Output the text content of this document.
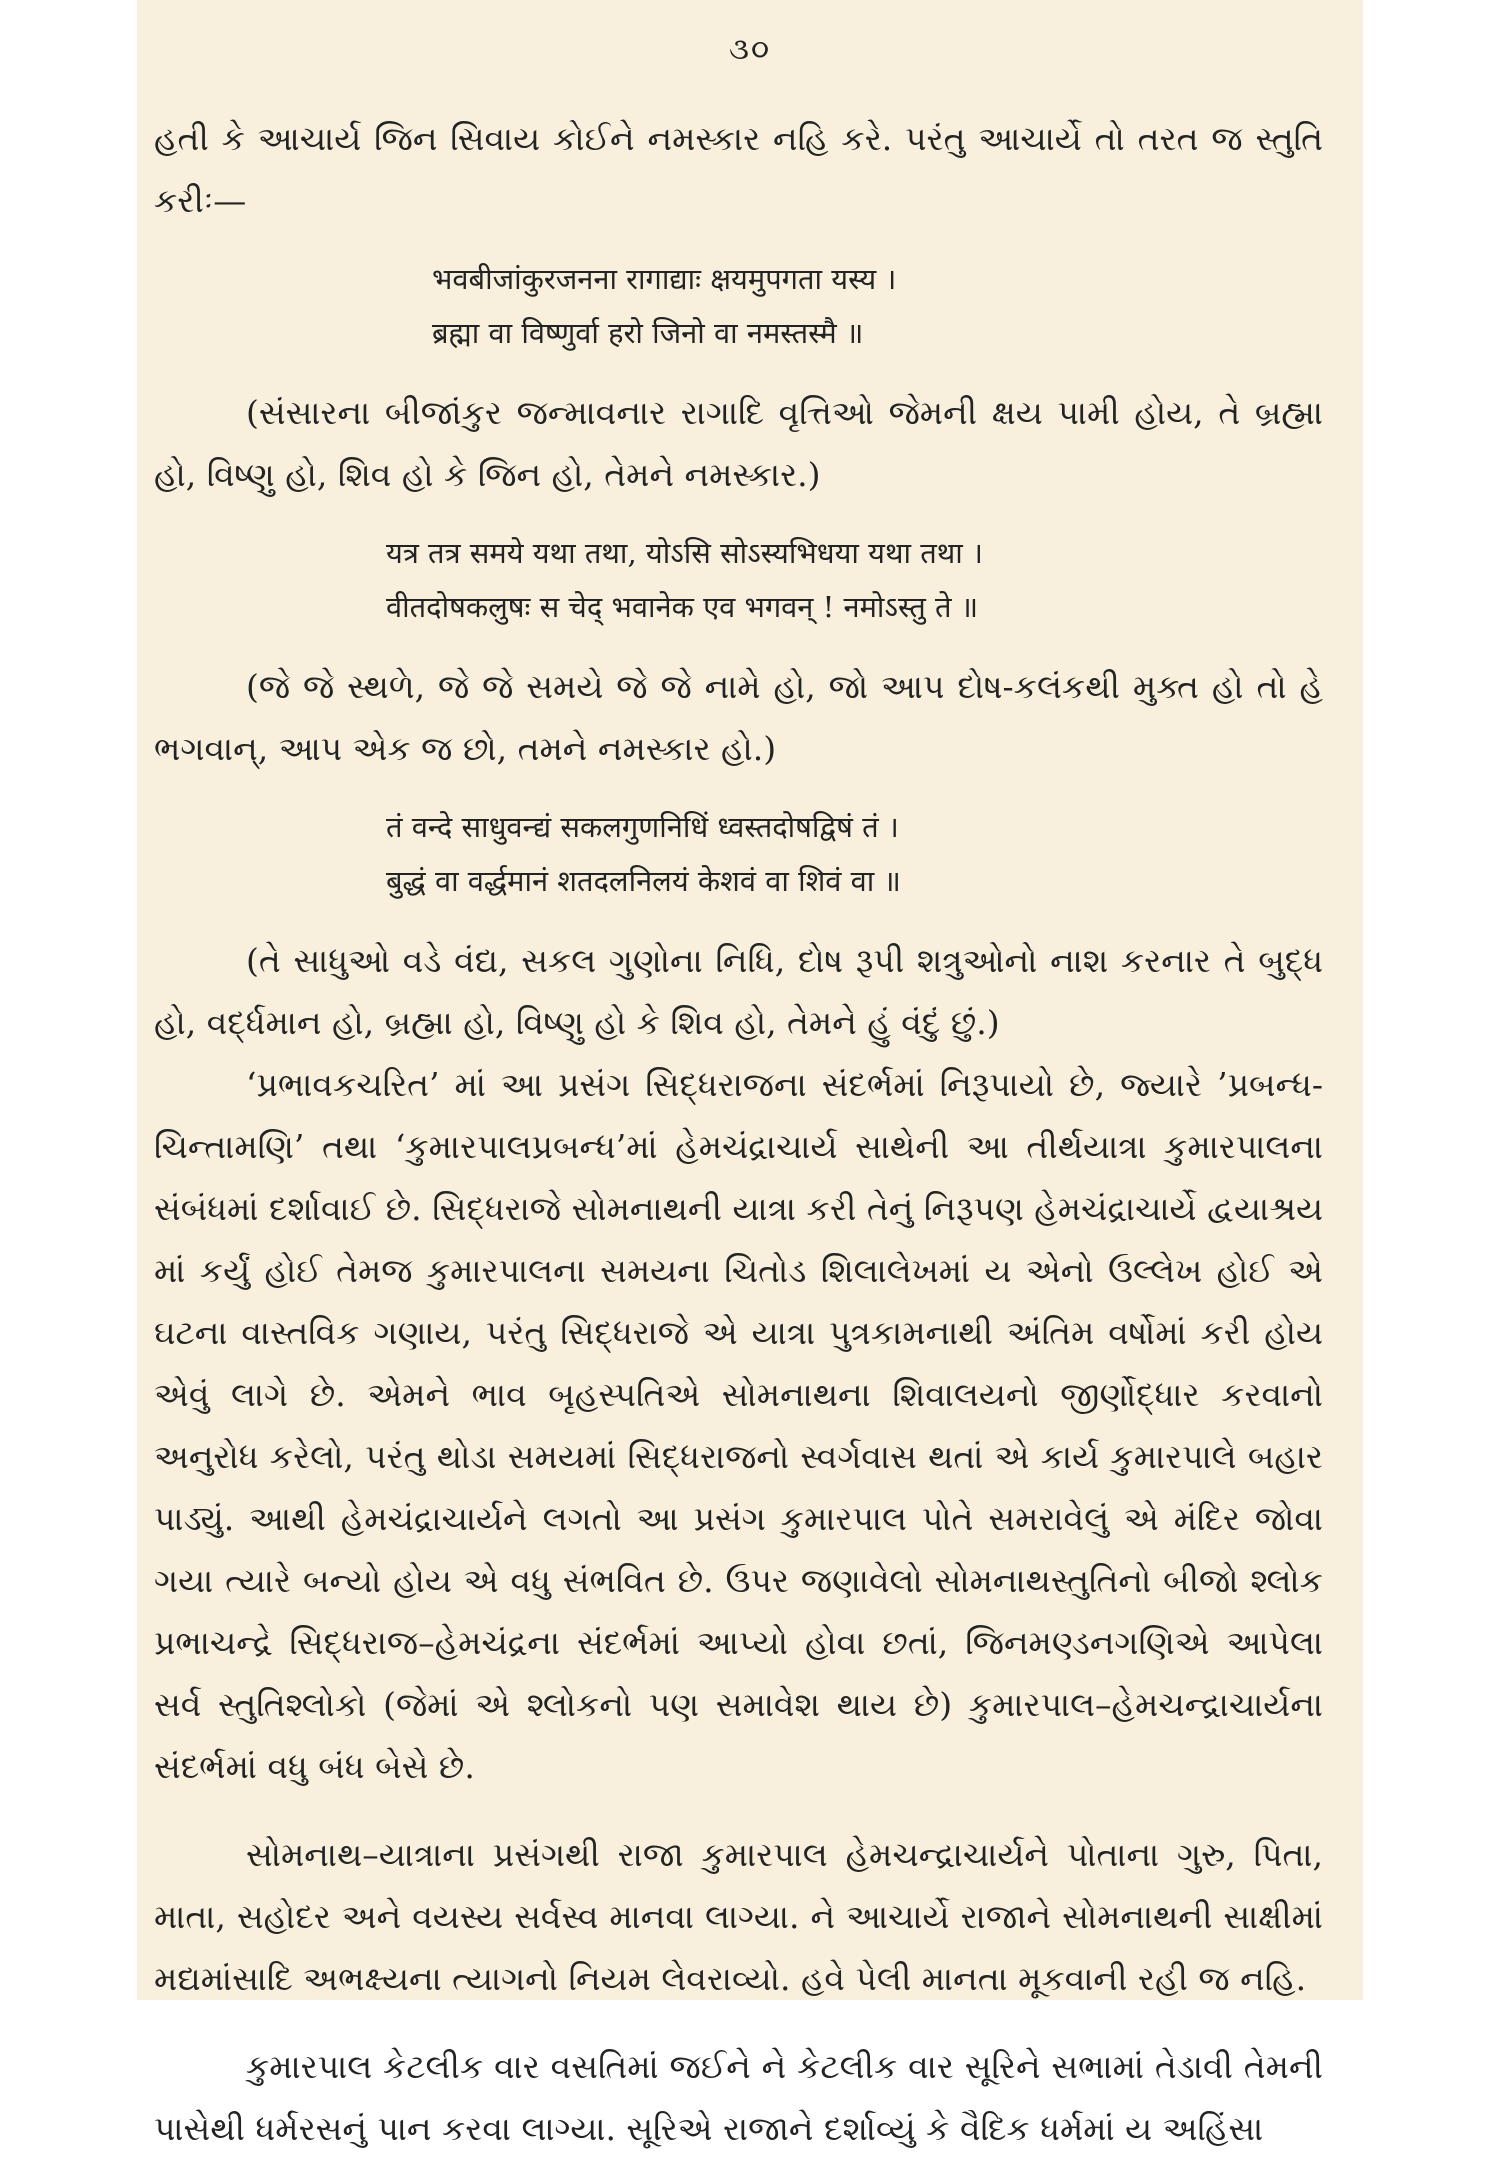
૩૦

હતી કે આચાર્ય જિન સિવાય કોઈને નમસ્કાર નહિ કરે. પરંતુ આચાર્યે તો તરત જ સ્તુતિ કરીઃ—

भवबीजांकुरजनना रागाद्याः क्षयमुपगता यस्य ।
ब्रह्मा वा विष्णुर्वा हरो जिनो वा नमस्तस्मै ॥

(સંસારના બીજાંકુર જન્માવનાર રાગાદિ વૃત્તિઓ જેમની ક્ષય પામી હોય, તે બ્રહ્મા હો, વિષ્ણુ હો, શિવ હો કે જિન હો, તેમને નમસ્કાર.)

यत्र तत्र समये यथा तथा, योऽसि सोऽस्यभिधया यथा तथा ।
वीतदोषकलुषः स चेद् भवानेक एव भगवन् ! नमोऽस्तु ते ॥

(જે જે સ્થળે, જે જે સમયે જે જે નામે હો, જો આપ દોષ-કલંકથી મુક્ત હો તો હે ભગવાન્, આપ એક જ છો, તમને નમસ્કાર હો.)

तं वन्दे साधुवन्द्यं सकलगुणनिधिं ध्वस्तदोषद्विषं तं ।
बुद्धं वा वर्द्धमानं शतदलनिलयं केशवं वा शिवं वा ॥

(તે સાધુઓ વડે વંદ્ય, સકલ ગુણોના નિધિ, દોષ રૂપી શત્રુઓનો નાશ કરનાર તે બુદ્ધ હો, વર્દ્ધમાન હો, બ્રહ્મા હો, વિષ્ણુ હો કે શિવ હો, તેમને હું વંદું છું.)

‘પ્રભાવકચરિત’ માં આ પ્રસંગ સિદ્ધરાજના સંદર્ભમાં નિરૂપાયો છે, જ્યારે ’પ્રબન્ધ-ચિન્તામણિ’ તથા ‘કુમારપાલપ્રબન્ધ’માં હેમચંદ્રાચાર્ય સાથેની આ તીર્થયાત્રા કુમારપાલના સંબંધમાં દર્શાવાઈ છે. સિદ્ધરાજે સોમનાથની યાત્રા કરી તેનું નિરૂપણ હેમચંદ્રાચાર્યે દ્વયાશ્રય માં કર્યું હોઈ તેમજ કુમારપાલના સમયના ચિતોડ શિલાલેખમાં ય એનો ઉલ્લેખ હોઈ એ ઘટના વાસ્તવિક ગણાય, પરંતુ સિદ્ધરાજે એ યાત્રા પુત્રકામનાથી અંતિમ વર્ષોમાં કરી હોય એવું લાગે છે. એમને ભાવ બૃહસ્પતિએ સોમનાથના શિવાલયનો જીર્ણોદ્ધાર કરવાનો અનુરોધ કરેલો, પરંતુ થોડા સમયમાં સિદ્ધરાજનો સ્વર્ગવાસ થતાં એ કાર્ય કુમારપાલે બહાર પાડ્યું. આથી હેમચંદ્રાચાર્યને લગતો આ પ્રસંગ કુમારપાલ પોતે સમરાવેલું એ મંદિર જોવા ગયા ત્યારે બન્યો હોય એ વધુ સંભવિત છે. ઉપર જણાવેલો સોમનાથસ્તુતિનો બીજો શ્લોક પ્રભાચન્દ્રે સિદ્ધરાજ–હેમચંદ્રના સંદર્ભમાં આપ્યો હોવા છતાં, જિનમણ્ડનગણિએ આપેલા સર્વ સ્તુતિશ્લોકો (જેમાં એ શ્લોકનો પણ સમાવેશ થાય છે) કુમારપાલ–હેમચન્દ્રાચાર્યના સંદર્ભમાં વધુ બંધ બેસે છે.

સોમનાથ–યાત્રાના પ્રસંગથી રાજા કુમારપાલ હેમચન્દ્રાચાર્યને પોતાના ગુરુ, પિતા, માતા, સહોદર અને વયસ્ય સર્વસ્વ માનવા લાગ્યા. ને આચાર્યે રાજાને સોમનાથની સાક્ષીમાં મદ્યમાંસાદિ અભક્ષ્યના ત્યાગનો નિયમ લેવરાવ્યો. હવે પેલી માનતા મૂકવાની રહી જ નહિ.

કુમારપાલ કેટલીક વાર વસતિમાં જઈને ને કેટલીક વાર સૂરિને સભામાં તેડાવી તેમની પાસેથી ધર્મરસનું પાન કરવા લાગ્યા. સૂરિએ રાજાને દર્શાવ્યું કે વૈદિક ધર્મમાં ય અહિંસા
